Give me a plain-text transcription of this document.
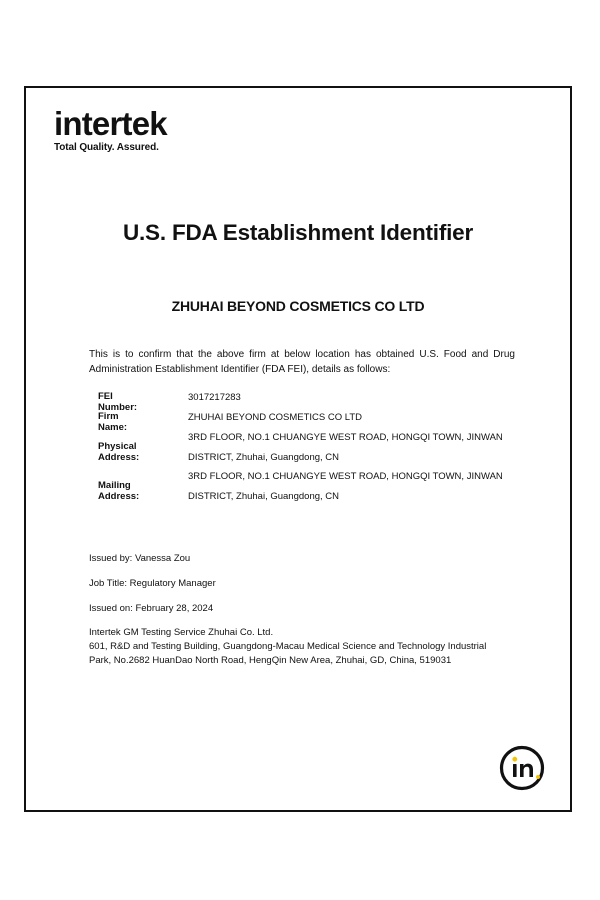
intertek
Total Quality. Assured.
U.S. FDA Establishment Identifier
ZHUHAI BEYOND COSMETICS CO LTD
This is to confirm that the above firm at below location has obtained U.S. Food and Drug Administration Establishment Identifier (FDA FEI), details as follows:
FEI Number:
3017217283
Firm Name:
ZHUHAI BEYOND COSMETICS CO LTD
Physical Address:
3RD FLOOR, NO.1 CHUANGYE WEST ROAD, HONGQI TOWN, JINWAN
DISTRICT, Zhuhai, Guangdong, CN
Mailing Address:
3RD FLOOR, NO.1 CHUANGYE WEST ROAD, HONGQI TOWN, JINWAN
DISTRICT, Zhuhai, Guangdong, CN
Issued by: Vanessa Zou
Job Title: Regulatory Manager
Issued on: February 28, 2024
Intertek GM Testing Service Zhuhai Co. Ltd.
601, R&D and Testing Building, Guangdong-Macau Medical Science and Technology Industrial
Park, No.2682 HuanDao North Road, HengQin New Area, Zhuhai, GD, China, 519031
